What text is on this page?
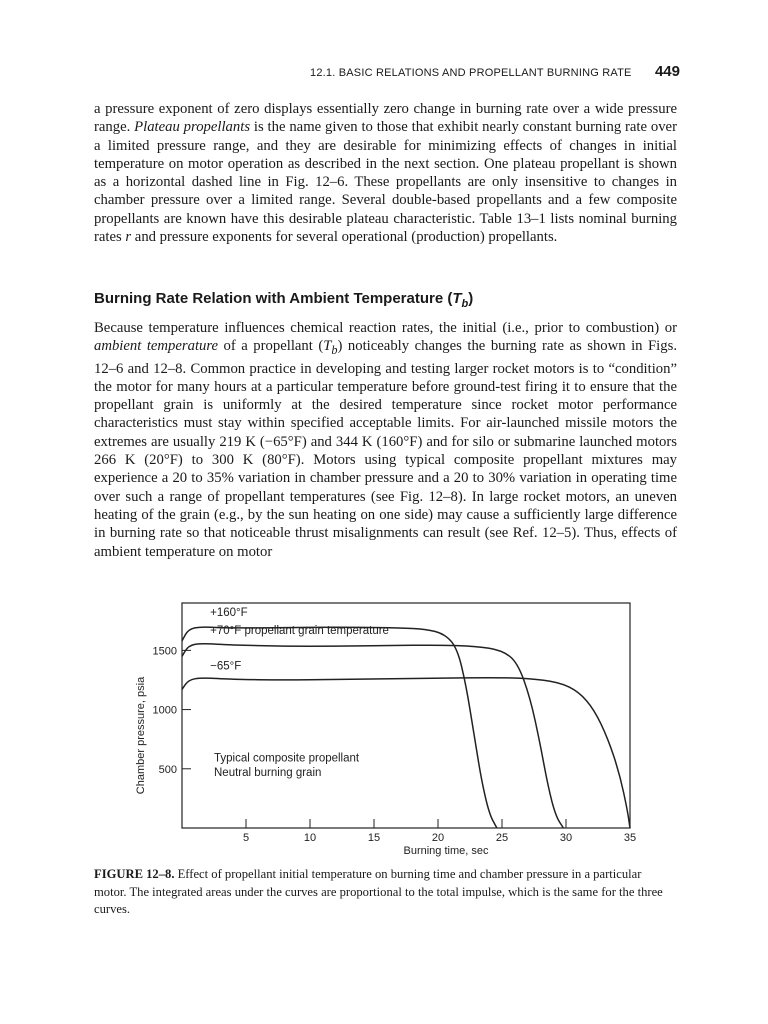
12.1. BASIC RELATIONS AND PROPELLANT BURNING RATE 449

a pressure exponent of zero displays essentially zero change in burning rate over a wide pressure range. Plateau propellants is the name given to those that exhibit nearly constant burning rate over a limited pressure range, and they are desirable for minimizing effects of changes in initial temperature on motor operation as described in the next section. One plateau propellant is shown as a horizontal dashed line in Fig. 12–6. These propellants are only insensitive to changes in chamber pressure over a limited range. Several double-based propellants and a few composite propellants are known have this desirable plateau characteristic. Table 13–1 lists nominal burning rates r and pressure exponents for several operational (production) propellants.

Burning Rate Relation with Ambient Temperature $(T_b)$

Because temperature influences chemical reaction rates, the initial (i.e., prior to combustion) or ambient temperature of a propellant $(T_b)$ noticeably changes the burning rate as shown in Figs. 12–6 and 12–8. Common practice in developing and testing larger rocket motors is to “condition” the motor for many hours at a particular temperature before ground-test firing it to ensure that the propellant grain is uniformly at the desired temperature since rocket motor performance characteristics must stay within specified acceptable limits. For air-launched missile motors the extremes are usually 219 K (−65°F) and 344 K (160°F) and for silo or submarine launched motors 266 K (20°F) to 300 K (80°F). Motors using typical composite propellant mixtures may experience a 20 to 35% variation in chamber pressure and a 20 to 30% variation in operating time over such a range of propellant temperatures (see Fig. 12–8). In large rocket motors, an uneven heating of the grain (e.g., by the sun heating on one side) may cause a sufficiently large difference in burning rate so that noticeable thrust misalignments can result (see Ref. 12–5). Thus, effects of ambient temperature on motor

5	10	15	20	25	30	35
500
1000
1500
Burning time, sec
Chamber pressure, psia
+160°F
+70°F propellant grain temperature
−65°F
Typical composite propellant
Neutral burning grain

FIGURE 12–8. Effect of propellant initial temperature on burning time and chamber pressure in a particular motor. The integrated areas under the curves are proportional to the total impulse, which is the same for the three curves.
